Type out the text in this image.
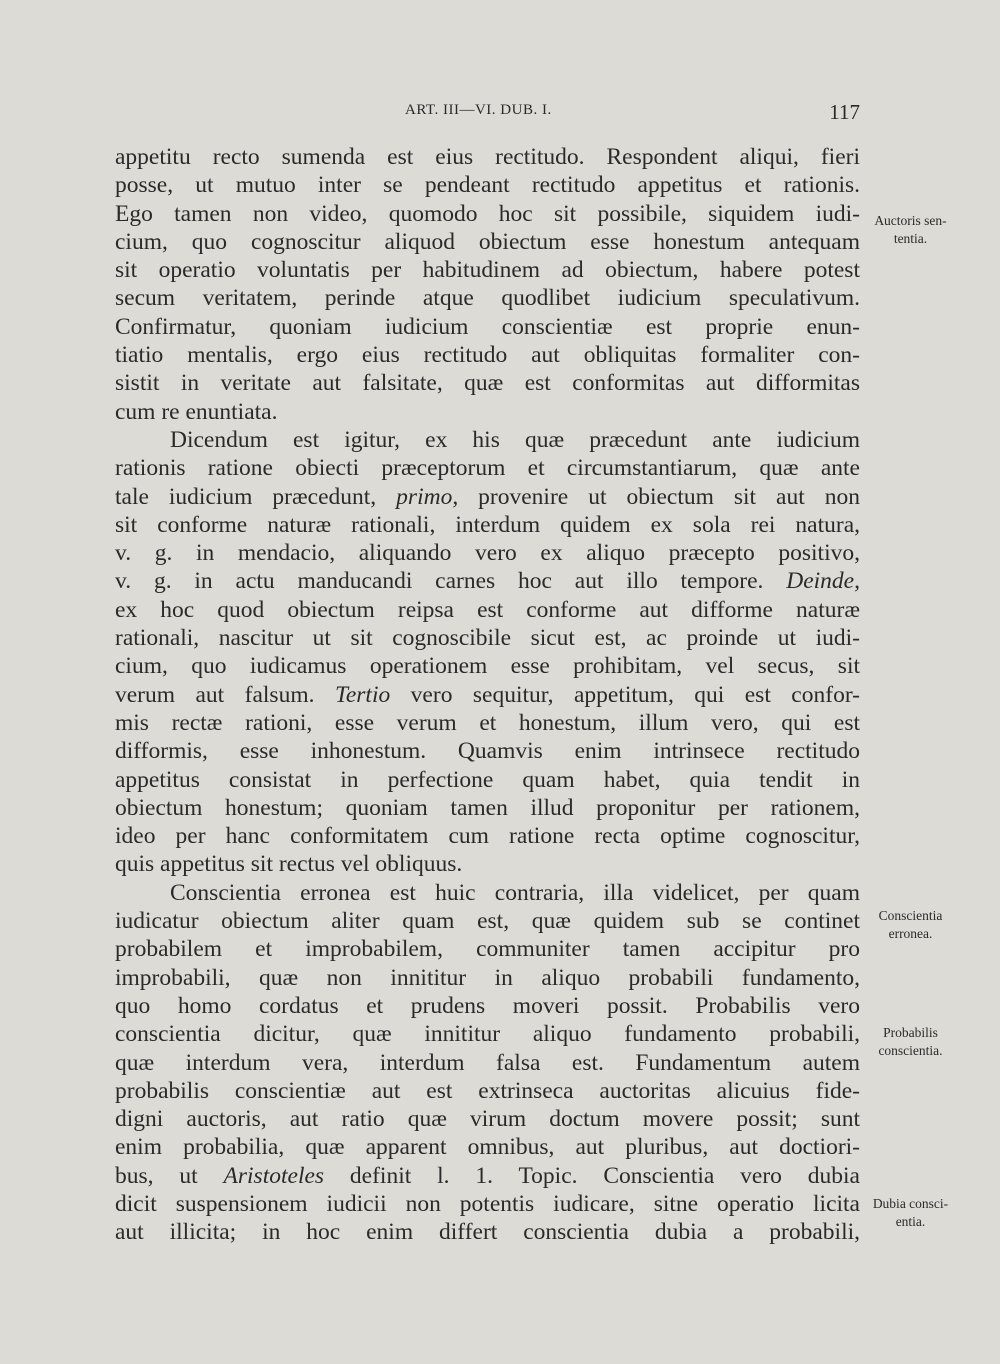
ART. III—VI. DUB. I.	117
appetitu recto sumenda est eius rectitudo. Respondent aliqui, fieri
posse, ut mutuo inter se pendeant rectitudo appetitus et rationis.
Ego tamen non video, quomodo hoc sit possibile, siquidem iudi-
cium, quo cognoscitur aliquod obiectum esse honestum antequam
sit operatio voluntatis per habitudinem ad obiectum, habere potest
secum veritatem, perinde atque quodlibet iudicium speculativum.
Confirmatur, quoniam iudicium conscientiæ est proprie enun-
tiatio mentalis, ergo eius rectitudo aut obliquitas formaliter con-
sistit in veritate aut falsitate, quæ est conformitas aut difformitas
cum re enuntiata.
Dicendum est igitur, ex his quæ præcedunt ante iudicium
rationis ratione obiecti præceptorum et circumstantiarum, quæ ante
tale iudicium præcedunt, primo, provenire ut obiectum sit aut non
sit conforme naturæ rationali, interdum quidem ex sola rei natura,
v. g. in mendacio, aliquando vero ex aliquo præcepto positivo,
v. g. in actu manducandi carnes hoc aut illo tempore. Deinde,
ex hoc quod obiectum reipsa est conforme aut difforme naturæ
rationali, nascitur ut sit cognoscibile sicut est, ac proinde ut iudi-
cium, quo iudicamus operationem esse prohibitam, vel secus, sit
verum aut falsum. Tertio vero sequitur, appetitum, qui est confor-
mis rectæ rationi, esse verum et honestum, illum vero, qui est
difformis, esse inhonestum. Quamvis enim intrinsece rectitudo
appetitus consistat in perfectione quam habet, quia tendit in
obiectum honestum; quoniam tamen illud proponitur per rationem,
ideo per hanc conformitatem cum ratione recta optime cognoscitur,
quis appetitus sit rectus vel obliquus.
Conscientia erronea est huic contraria, illa videlicet, per quam
iudicatur obiectum aliter quam est, quæ quidem sub se continet
probabilem et improbabilem, communiter tamen accipitur pro
improbabili, quæ non innititur in aliquo probabili fundamento,
quo homo cordatus et prudens moveri possit. Probabilis vero
conscientia dicitur, quæ innititur aliquo fundamento probabili,
quæ interdum vera, interdum falsa est. Fundamentum autem
probabilis conscientiæ aut est extrinseca auctoritas alicuius fide-
digni auctoris, aut ratio quæ virum doctum movere possit; sunt
enim probabilia, quæ apparent omnibus, aut pluribus, aut doctiori-
bus, ut Aristoteles definit l. 1. Topic. Conscientia vero dubia
dicit suspensionem iudicii non potentis iudicare, sitne operatio licita
aut illicita; in hoc enim differt conscientia dubia a probabili,
Auctoris sen-
tentia.
Conscientia
erronea.
Probabilis
conscientia.
Dubia consci-
entia.
